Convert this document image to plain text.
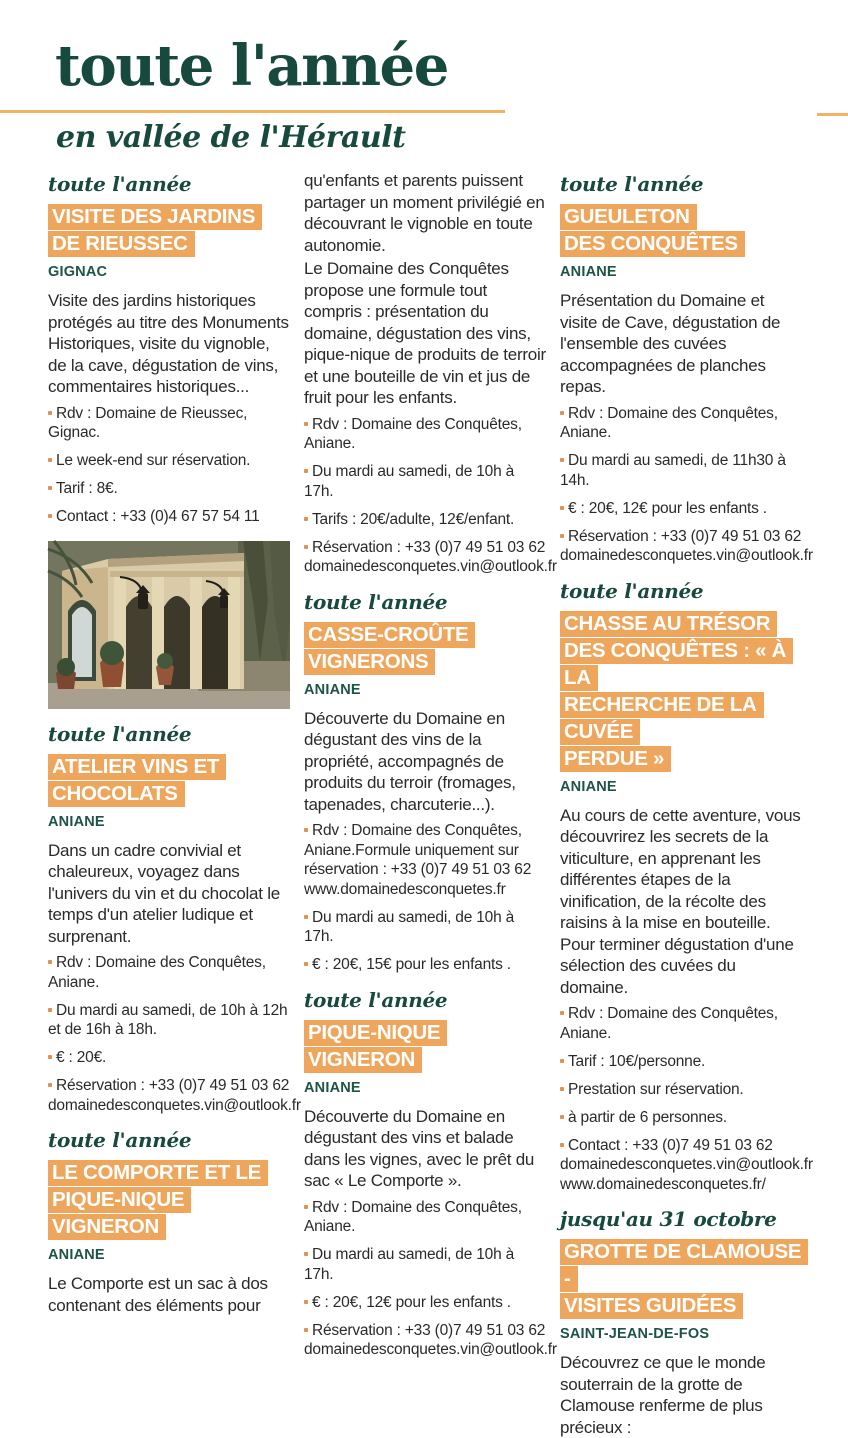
toute l'année
en vallée de l'Hérault
toute l'année
VISITE DES JARDINS
DE RIEUSSEC
GIGNAC

Visite des jardins historiques protégés au titre des Monuments Historiques, visite du vignoble, de la cave, dégustation de vins, commentaires historiques...

Rdv : Domaine de Rieussec, Gignac.
Le week-end sur réservation.
Tarif : 8€.
Contact : +33 (0)4 67 57 54 11
toute l'année
ATELIER VINS ET CHOCOLATS
ANIANE

Dans un cadre convivial et chaleureux, voyagez dans l'univers du vin et du chocolat le temps d'un atelier ludique et surprenant.

Rdv : Domaine des Conquêtes, Aniane.
Du mardi au samedi, de 10h à 12h et de 16h à 18h.
€ : 20€.
Réservation : +33 (0)7 49 51 03 62
domainedesconquetes.vin@outlook.fr
toute l'année
LE COMPORTE ET LE
PIQUE-NIQUE VIGNERON
ANIANE

Le Comporte est un sac à dos contenant des éléments pour

qu'enfants et parents puissent partager un moment privilégié en découvrant le vignoble en toute autonomie.

Le Domaine des Conquêtes propose une formule tout compris : présentation du domaine, dégustation des vins, pique-nique de produits de terroir et une bouteille de vin et jus de fruit pour les enfants.

Rdv : Domaine des Conquêtes, Aniane.
Du mardi au samedi, de 10h à 17h.
Tarifs : 20€/adulte, 12€/enfant.
Réservation : +33 (0)7 49 51 03 62
domainedesconquetes.vin@outlook.fr
toute l'année
CASSE-CROÛTE
VIGNERONS
ANIANE

Découverte du Domaine en dégustant des vins de la propriété, accompagnés de produits du terroir (fromages, tapenades, charcuterie...).

Rdv : Domaine des Conquêtes, Aniane.Formule uniquement sur réservation : +33 (0)7 49 51 03 62
www.domainedesconquetes.fr
Du mardi au samedi, de 10h à 17h.
€ : 20€, 15€ pour les enfants .
toute l'année
PIQUE-NIQUE VIGNERON
ANIANE

Découverte du Domaine en dégustant des vins et balade dans les vignes, avec le prêt du sac « Le Comporte ».

Rdv : Domaine des Conquêtes, Aniane.
Du mardi au samedi, de 10h à 17h.
€ : 20€, 12€ pour les enfants .
Réservation : +33 (0)7 49 51 03 62
domainedesconquetes.vin@outlook.fr
toute l'année
GUEULETON
DES CONQUÊTES
ANIANE

Présentation du Domaine et visite de Cave, dégustation de l'ensemble des cuvées accompagnées de planches repas.

Rdv : Domaine des Conquêtes, Aniane.
Du mardi au samedi, de 11h30 à 14h.
€ : 20€, 12€ pour les enfants .
Réservation : +33 (0)7 49 51 03 62
domainedesconquetes.vin@outlook.fr
toute l'année
CHASSE AU TRÉSOR
DES CONQUÊTES : « À LA
RECHERCHE DE LA CUVÉE
PERDUE »
ANIANE

Au cours de cette aventure, vous découvrirez les secrets de la viticulture, en apprenant les différentes étapes de la vinification, de la récolte des raisins à la mise en bouteille. Pour terminer dégustation d'une sélection des cuvées du domaine.

Rdv : Domaine des Conquêtes, Aniane.
Tarif : 10€/personne.
Prestation sur réservation.
à partir de 6 personnes.
Contact : +33 (0)7 49 51 03 62
domainedesconquetes.vin@outlook.fr
www.domainedesconquetes.fr/
jusqu'au 31 octobre
GROTTE DE CLAMOUSE -
VISITES GUIDÉES
SAINT-JEAN-DE-FOS

Découvrez ce que le monde souterrain de la grotte de Clamouse renferme de plus précieux :
